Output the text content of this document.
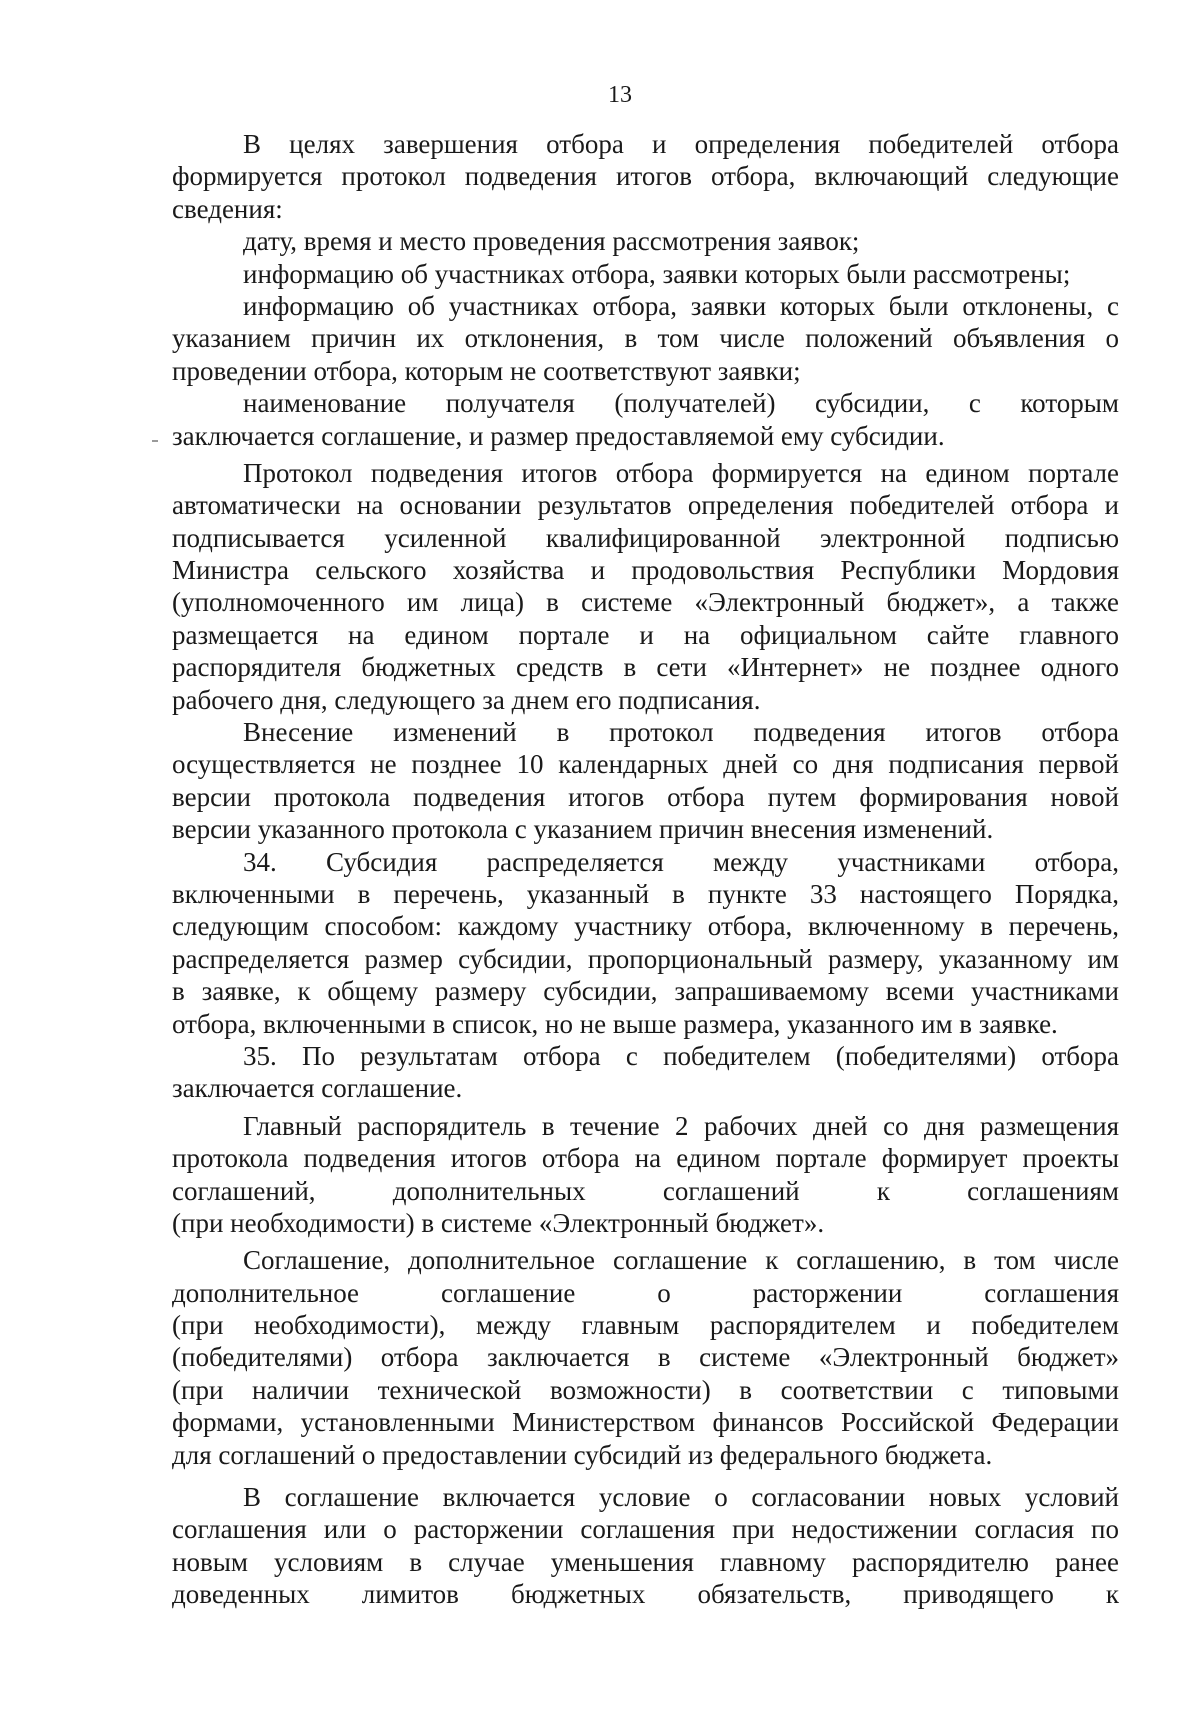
13
В целях завершения отбора и определения победителей отбора
формируется протокол подведения итогов отбора, включающий следующие
сведения:
дату, время и место проведения рассмотрения заявок;
информацию об участниках отбора, заявки которых были рассмотрены;
информацию об участниках отбора, заявки которых были отклонены, с
указанием причин их отклонения, в том числе положений объявления о
проведении отбора, которым не соответствуют заявки;
наименование получателя (получателей) субсидии, с которым
заключается соглашение, и размер предоставляемой ему субсидии.
Протокол подведения итогов отбора формируется на едином портале
автоматически на основании результатов определения победителей отбора и
подписывается усиленной квалифицированной электронной подписью
Министра сельского хозяйства и продовольствия Республики Мордовия
(уполномоченного им лица) в системе «Электронный бюджет», а также
размещается на едином портале и на официальном сайте главного
распорядителя бюджетных средств в сети «Интернет» не позднее одного
рабочего дня, следующего за днем его подписания.
Внесение изменений в протокол подведения итогов отбора
осуществляется не позднее 10 календарных дней со дня подписания первой
версии протокола подведения итогов отбора путем формирования новой
версии указанного протокола с указанием причин внесения изменений.
34. Субсидия распределяется между участниками отбора,
включенными в перечень, указанный в пункте 33 настоящего Порядка,
следующим способом: каждому участнику отбора, включенному в перечень,
распределяется размер субсидии, пропорциональный размеру, указанному им
в заявке, к общему размеру субсидии, запрашиваемому всеми участниками
отбора, включенными в список, но не выше размера, указанного им в заявке.
35. По результатам отбора с победителем (победителями) отбора
заключается соглашение.
Главный распорядитель в течение 2 рабочих дней со дня размещения
протокола подведения итогов отбора на едином портале формирует проекты
соглашений, дополнительных соглашений к соглашениям
(при необходимости) в системе «Электронный бюджет».
Соглашение, дополнительное соглашение к соглашению, в том числе
дополнительное соглашение о расторжении соглашения
(при необходимости), между главным распорядителем и победителем
(победителями) отбора заключается в системе «Электронный бюджет»
(при наличии технической возможности) в соответствии с типовыми
формами, установленными Министерством финансов Российской Федерации
для соглашений о предоставлении субсидий из федерального бюджета.
В соглашение включается условие о согласовании новых условий
соглашения или о расторжении соглашения при недостижении согласия по
новым условиям в случае уменьшения главному распорядителю ранее
доведенных лимитов бюджетных обязательств, приводящего к
